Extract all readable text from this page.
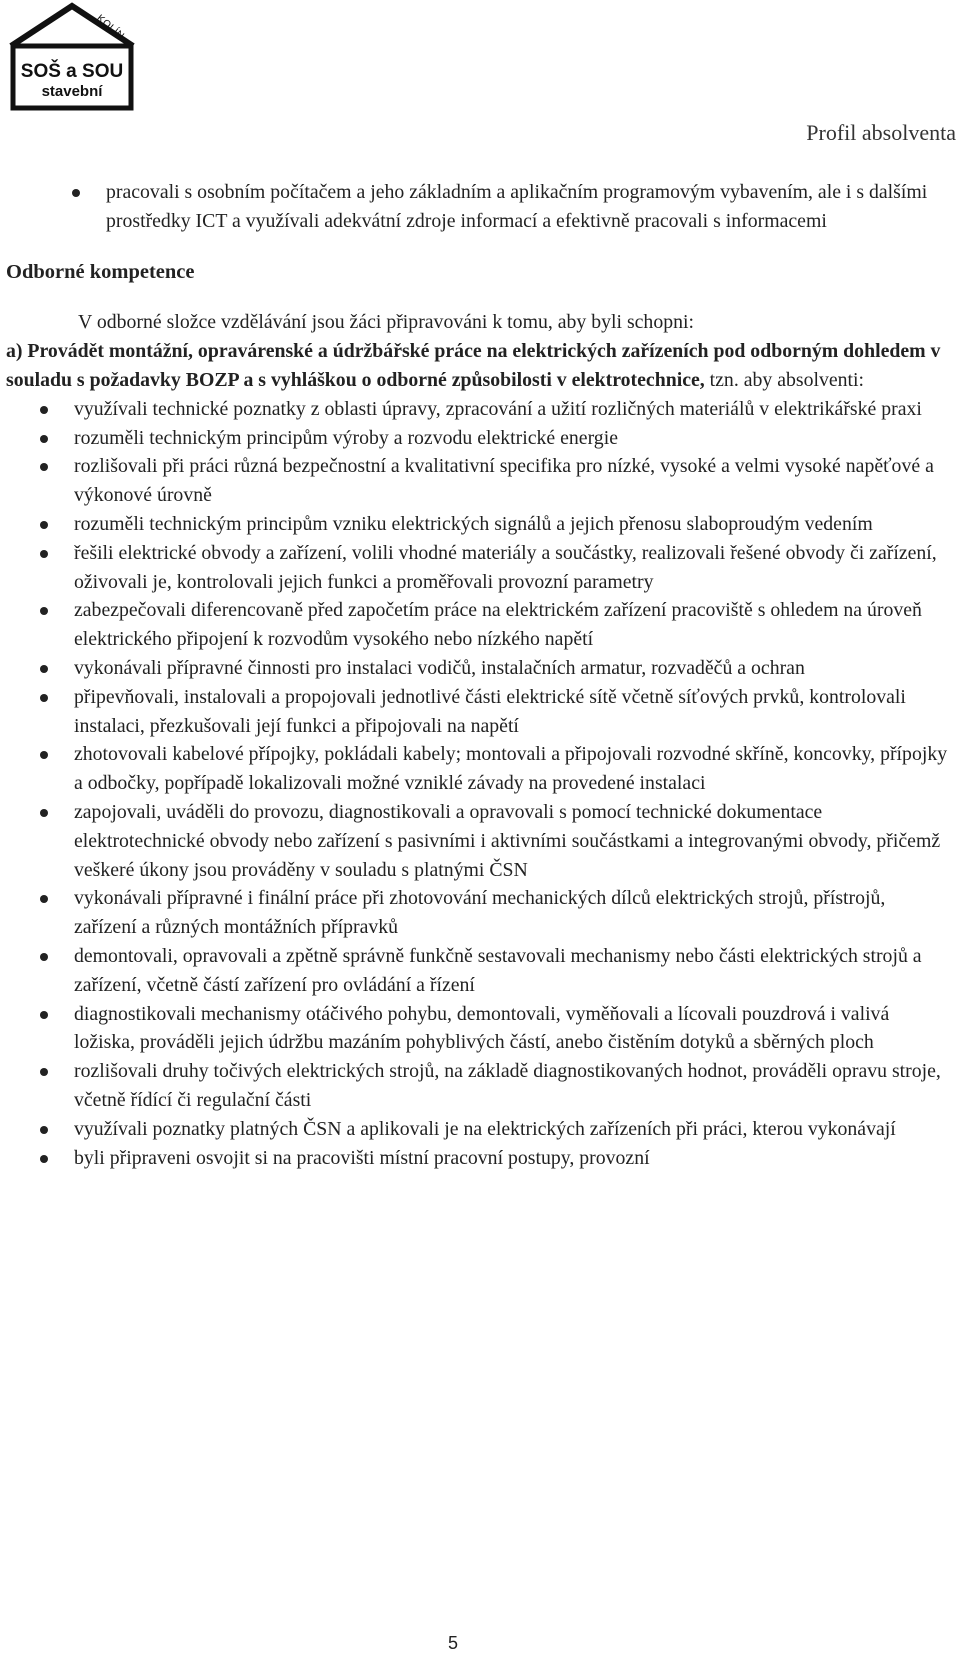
KOLÍN
SOŠ a SOU
stavební
Profil absolventa
pracovali s osobním počítačem a jeho základním a aplikačním programovým vybavením, ale i s dalšími prostředky ICT a využívali adekvátní zdroje informací a efektivně pracovali s informacemi
Odborné kompetence
V odborné složce vzdělávání jsou žáci připravováni k tomu, aby byli schopni:
a) Provádět montážní, opravárenské a údržbářské práce na elektrických zařízeních pod odborným dohledem v souladu s požadavky BOZP a s vyhláškou o odborné způsobilosti v elektrotechnice, tzn. aby absolventi:
využívali technické poznatky z oblasti úpravy, zpracování a užití rozličných materiálů v elektrikářské praxi
rozuměli technickým principům výroby a rozvodu elektrické energie
rozlišovali při práci různá bezpečnostní a kvalitativní specifika pro nízké, vysoké a velmi vysoké napěťové a výkonové úrovně
rozuměli technickým principům vzniku elektrických signálů a jejich přenosu slaboproudým vedením
řešili elektrické obvody a zařízení, volili vhodné materiály a součástky, realizovali řešené obvody či zařízení, oživovali je, kontrolovali jejich funkci a proměřovali provozní parametry
zabezpečovali diferencovaně před započetím práce na elektrickém zařízení pracoviště s ohledem na úroveň elektrického připojení k rozvodům vysokého nebo nízkého napětí
vykonávali přípravné činnosti pro instalaci vodičů, instalačních armatur, rozvaděčů a ochran
připevňovali, instalovali a propojovali jednotlivé části elektrické sítě včetně síťových prvků, kontrolovali instalaci, přezkušovali její funkci a připojovali na napětí
zhotovovali kabelové přípojky, pokládali kabely; montovali a připojovali rozvodné skříně, koncovky, přípojky a odbočky, popřípadě lokalizovali možné vzniklé závady na provedené instalaci
zapojovali, uváděli do provozu, diagnostikovali a opravovali s pomocí technické dokumentace elektrotechnické obvody nebo zařízení s pasivními i aktivními součástkami a integrovanými obvody, přičemž veškeré úkony jsou prováděny v souladu s platnými ČSN
vykonávali přípravné i finální práce při zhotovování mechanických dílců elektrických strojů, přístrojů, zařízení a různých montážních přípravků
demontovali, opravovali a zpětně správně funkčně sestavovali mechanismy nebo části elektrických strojů a zařízení, včetně částí zařízení pro ovládání a řízení
diagnostikovali mechanismy otáčivého pohybu, demontovali, vyměňovali a lícovali pouzdrová i valivá ložiska, prováděli jejich údržbu mazáním pohyblivých částí, anebo čistěním dotyků a sběrných ploch
rozlišovali druhy točivých elektrických strojů, na základě diagnostikovaných hodnot, prováděli opravu stroje, včetně řídící či regulační části
využívali poznatky platných ČSN a aplikovali je na elektrických zařízeních při práci, kterou vykonávají
byli připraveni osvojit si na pracovišti místní pracovní postupy, provozní
5
